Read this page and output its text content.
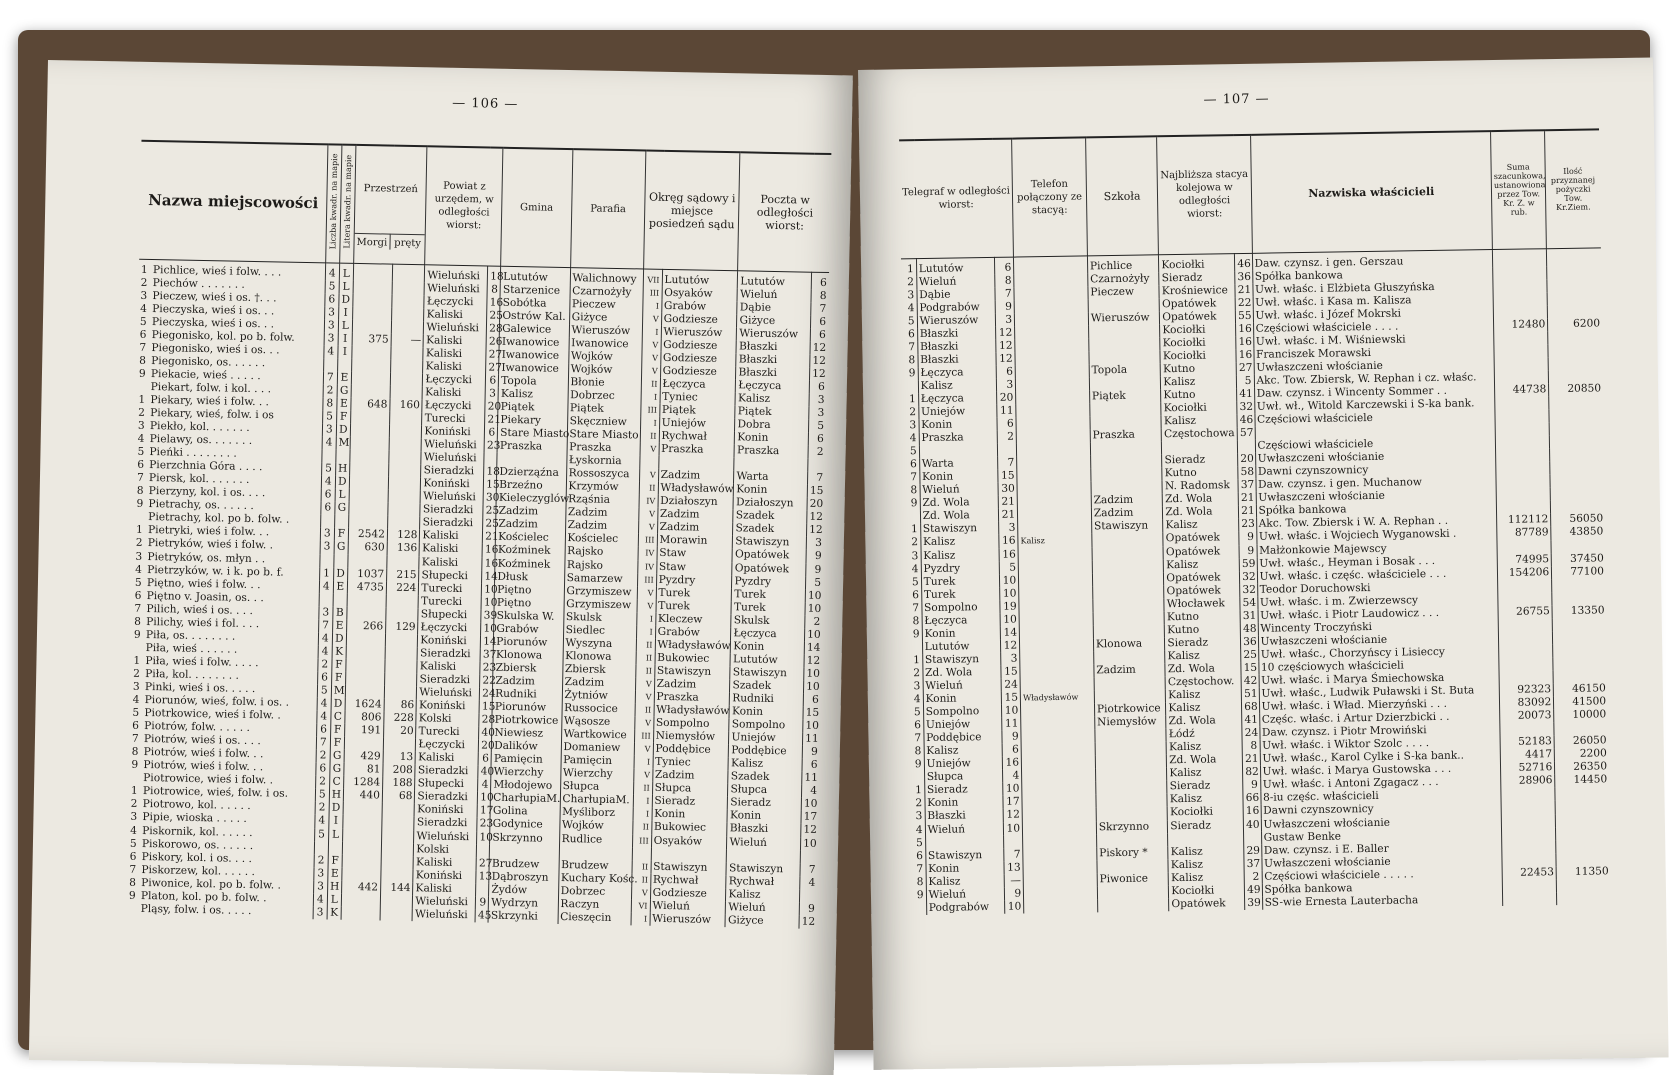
— 106 —
Nazwa miejscowości	Liczba kwadr. na mapie	Litera kwadr. na mapie	Przestrzeń
Morgi pręty		Powiat z urzędem, w odległości wiorst:		Gmina	Parafia	Okręg sądowy i miejsce posiedzeń sądu		Poczta w odległości wiorst:	
1 Pichlice, wieś i folw. . . .	4	L			Wieluński	18	Lututów	Walichnowy	VII	Lututów	Lututów	6
2 Piechów . . . . . . .	5	L			Wieluński	8	Starzenice	Czarnożyły	III	Osyaków	Wieluń	8
3 Pieczew, wieś i os. †. . .	6	D			Łęczycki	16	Sobótka	Pieczew	I	Grabów	Dąbie	7
4 Pieczyska, wieś i os. . .	3	I			Kaliski	25	Ostrów Kal.	Giżyce	V	Godziesze	Giżyce	6
5 Pieczyska, wieś i os. . .	3	L			Wieluński	28	Galewice	Wieruszów	I	Wieruszów	Wieruszów	6
6 Piegonisko, kol. po b. folw.	3	I	375	—	Kaliski	26	Iwanowice	Iwanowice	V	Godziesze	Błaszki	12
7 Piegonisko, wieś i os. . .	4	I			Kaliski	27	Iwanowice	Wojków	V	Godziesze	Błaszki	12
8 Piegonisko, os. . . . . .					Kaliski	27	Iwanowice	Wojków	V	Godziesze	Błaszki	12
9 Piekacie, wieś . . . . .	7	E			Łęczycki	6	Topola	Błonie	II	Łęczyca	Łęczyca	6
Piekart, folw. i kol. . . .	2	G			Kaliski	3	Kalisz	Dobrzec	I	Tyniec	Kalisz	3
1 Piekary, wieś i folw. . .	8	E	648	160	Łęczycki	20	Piątek	Piątek	III	Piątek	Piątek	3
2 Piekary, wieś, folw. i os	5	F			Turecki	21	Piekary	Skęczniew	I	Uniejów	Dobra	5
3 Piekło, kol. . . . . . .	3	D			Koniński	6	Stare Miasto	Stare Miasto	II	Rychwał	Konin	6
4 Pielawy, os. . . . . . .	4	M			Wieluński	23	Praszka	Praszka	V	Praszka	Praszka	2
5 Pieńki . . . . . . . .					Wieluński			Łyskornia				
6 Pierzchnia Góra . . . .	5	H			Sieradzki	18	Dzierząźna	Rossoszyca	V	Zadzim	Warta	7
7 Piersk, kol. . . . . . .	4	D			Koniński	15	Brzeźno	Krzymów	II	Władysławów	Konin	15
8 Pierzyny, kol. i os. . . .	6	L			Wieluński	30	Kieleczyglów	Rząśnia	IV	Działoszyn	Działoszyn	20
9 Pietrachy, os. . . . . .	6	G			Sieradzki	25	Zadzim	Zadzim	V	Zadzim	Szadek	12
Pietrachy, kol. po b. folw. .					Sieradzki	25	Zadzim	Zadzim	V	Zadzim	Szadek	12
1 Pietryki, wieś i folw. . .	3	F	2542	128	Kaliski	21	Kościelec	Kościelec	III	Morawin	Stawiszyn	3
2 Pietryków, wieś i folw. .	3	G	630	136	Kaliski	16	Koźminek	Rajsko	IV	Staw	Opatówek	9
3 Pietryków, os. młyn . .					Kaliski	16	Koźminek	Rajsko	IV	Staw	Opatówek	9
4 Pietrzyków, w. i k. po b. f.	1	D	1037	215	Słupecki	14	Dłusk	Samarzew	III	Pyzdry	Pyzdry	5
5 Piętno, wieś i folw. . .	4	E	4735	224	Turecki	10	Piętno	Grzymiszew	V	Turek	Turek	10
6 Piętno v. Joasin, os. . .					Turecki	10	Piętno	Grzymiszew	V	Turek	Turek	10
7 Pilich, wieś i os. . . .	3	B			Słupecki	39	Skulska W.	Skulsk	I	Kleczew	Skulsk	2
8 Pilichy, wieś i fol. . . .	7	E	266	129	Łęczycki	10	Grabów	Siedlec	I	Grabów	Łęczyca	10
9 Piła, os. . . . . . . .	4	D			Koniński	14	Piorunów	Wyszyna	II	Władysławów	Konin	14
Piła, wieś . . . . . .	4	K			Sieradzki	37	Klonowa	Klonowa	II	Bukowiec	Lututów	12
1 Piła, wieś i folw. . . . .	2	F			Kaliski	23	Zbiersk	Zbiersk	II	Stawiszyn	Stawiszyn	10
2 Piła, kol. . . . . . . .	6	F			Sieradzki	22	Zadzim	Zadzim	V	Zadzim	Szadek	10
3 Pinki, wieś i os. . . . .	5	M			Wieluński	24	Rudniki	Żytniów	V	Praszka	Rudniki	6
4 Piorunów, wieś, folw. i os. .	4	D	1624	86	Koniński	15	Piorunów	Russocice	II	Władysławów	Konin	15
5 Piotrkowice, wieś i folw. .	4	C	806	228	Kolski	28	Piotrkowice	Wąsosze	V	Sompolno	Sompolno	10
6 Piotrów, folw. . . . . .	6	F	191	20	Turecki	40	Niewiesz	Wartkowice	III	Niemysłów	Uniejów	11
7 Piotrów, wieś i os. . . .	7	F			Łęczycki	20	Dalików	Domaniew	V	Poddębice	Poddębice	9
8 Piotrów, wieś i folw. . .	2	G	429	13	Kaliski	6	Pamięcin	Pamięcin	I	Tyniec	Kalisz	6
9 Piotrów, wieś i folw. . .	6	G	81	208	Sieradzki	40	Wierzchy	Wierzchy	V	Zadzim	Szadek	11
Piotrowice, wieś i folw. .	2	C	1284	188	Słupecki	4	Młodojewo	Słupca	II	Słupca	Słupca	4
1 Piotrowice, wieś, folw. i os.	5	H	440	68	Sieradzki	10	CharłupiaM.	CharłupiaM.	I	Sieradz	Sieradz	10
2 Piotrowo, kol. . . . . .	2	D			Koniński	17	Golina	Myśliborz	I	Konin	Konin	17
3 Pipie, wioska . . . . .	4	I			Sieradzki	23	Godynice	Wojków	II	Bukowiec	Błaszki	12
4 Piskornik, kol. . . . . .	5	L			Wieluński	10	Skrzynno	Rudlice	III	Osyaków	Wieluń	10
5 Piskorowo, os. . . . . .					Kolski							
6 Piskory, kol. i os. . . .	2	F			Kaliski	27	Brudzew	Brudzew	II	Stawiszyn	Stawiszyn	7
7 Piskorzew, kol. . . . . .	3	E			Koniński	13	Dąbroszyn	Kuchary Kośc.	II	Rychwał	Rychwał	4
8 Piwonice, kol. po b. folw. .	3	H	442	144	Kaliski		Żydów	Dobrzec	V	Godziesze	Kalisz	
9 Platon, kol. po b. folw. .	4	L			Wieluński	9	Wydrzyn	Raczyn	VI	Wieluń	Wieluń	9
Pląsy, folw. i os. . . . .	3	K			Wieluński	45	Skrzynki	Cieszęcin	I	Wieruszów	Giżyce	12
— 107 —
Telegraf w odległości wiorst:			Telefon połączony ze stacyą:	Szkoła	Najbliższa stacya kolejowa w odległości wiorst:		Nazwiska właścicieli	Suma szacunkowa, ustanowiona przez Tow. Kr. Z. w rub.	Ilość przyznanej pożyczki Tow. Kr.Ziem.
1	Lututów	6		Pichlice	Kociołki	46	Daw. czynsz. i gen. Gerszau		
2	Wieluń	8		Czarnożyły	Sieradz	36	Spółka bankowa		
3	Dąbie	7		Pieczew	Krośniewice	21	Uwł. właśc. i Elżbieta Głuszyńska		
4	Podgrabów	9			Opatówek	22	Uwł. właśc. i Kasa m. Kalisza		
5	Wieruszów	3		Wieruszów	Opatówek	55	Uwł. właśc. i Józef Mokrski		
6	Błaszki	12			Kociołki	16	Częściowi właściciele . . . .	12480	6200
7	Błaszki	12			Kociołki	16	Uwł. właśc. i M. Wiśniewski		
8	Błaszki	12			Kociołki	16	Franciszek Morawski		
9	Łęczyca	6		Topola	Kutno	27	Uwłaszczeni włościanie		
	Kalisz	3			Kalisz	5	Akc. Tow. Zbiersk, W. Rephan i cz. właśc.		
1	Łęczyca	20		Piątek	Kutno	41	Daw. czynsz. i Wincenty Sommer . .	44738	20850
2	Uniejów	11			Kociołki	32	Uwł. wł., Witold Karczewski i S-ka bank.		
3	Konin	6			Kalisz	46	Częściowi właściciele		
4	Praszka	2		Praszka	Częstochowa	57			
5							Częściowi właściciele		
6	Warta	7			Sieradz	20	Uwłaszczeni włościanie		
7	Konin	15			Kutno	58	Dawni czynszownicy		
8	Wieluń	30			N. Radomsk	37	Daw. czynsz. i gen. Muchanow		
9	Zd. Wola	21		Zadzim	Zd. Wola	21	Uwłaszczeni włościanie		
	Zd. Wola	21		Zadzim	Zd. Wola	21	Spółka bankowa		
1	Stawiszyn	3		Stawiszyn	Kalisz	23	Akc. Tow. Zbiersk i W. A. Rephan . .	112112	56050
2	Kalisz	16	Kalisz		Opatówek	9	Uwł. właśc. i Wojciech Wyganowski .	87789	43850
3	Kalisz	16			Opatówek	9	Małżonkowie Majewscy		
4	Pyzdry	5			Kalisz	59	Uwł. właśc., Heyman i Bosak . . .	74995	37450
5	Turek	10			Opatówek	32	Uwł. właśc. i częśc. właściciele . . .	154206	77100
6	Turek	10			Opatówek	32	Teodor Doruchowski		
7	Sompolno	19			Włocławek	54	Uwł. właśc. i m. Zwierzewscy		
8	Łęczyca	10			Kutno	31	Uwł. właśc. i Piotr Laudowicz . . .	26755	13350
9	Konin	14			Kutno	48	Wincenty Troczyński		
	Lututów	12		Klonowa	Sieradz	36	Uwłaszczeni włościanie		
1	Stawiszyn	3			Kalisz	25	Uwł. właśc., Chorzyńscy i Lisieccy		
2	Zd. Wola	15		Zadzim	Zd. Wola	15	10 częściowych właścicieli		
3	Wieluń	24			Częstochow.	42	Uwł. właśc. i Marya Śmiechowska		
4	Konin	15	Władysławów		Kalisz	51	Uwł. właśc., Ludwik Puławski i St. Buta	92323	46150
5	Sompolno	10		Piotrkowice	Kalisz	68	Uwł. właśc. i Wład. Mierzyński . . .	83092	41500
6	Uniejów	11		Niemysłów	Zd. Wola	41	Częśc. właśc. i Artur Dzierzbicki . .	20073	10000
7	Poddębice	9			Łódź	24	Daw. czynsz. i Piotr Mrowiński		
8	Kalisz	6			Kalisz	8	Uwł. właśc. i Wiktor Szolc . . . .	52183	26050
9	Uniejów	16			Zd. Wola	21	Uwł. właśc., Karol Cylke i S-ka bank..	4417	2200
	Słupca	4			Kalisz	82	Uwł. właśc. i Marya Gustowska . . .	52716	26350
1	Sieradz	10			Sieradz	9	Uwł. właśc. i Antoni Zgagacz . . .	28906	14450
2	Konin	17			Kalisz	66	8-iu częśc. właścicieli		
3	Błaszki	12			Kociołki	16	Dawni czynszownicy		
4	Wieluń	10		Skrzynno	Sieradz	40	Uwłaszczeni włościanie		
5							Gustaw Benke		
6	Stawiszyn	7		Piskory *	Kalisz	29	Daw. czynsz. i E. Baller		
7	Konin	13			Kalisz	37	Uwłaszczeni włościanie		
8	Kalisz	—		Piwonice	Kalisz	2	Częściowi właściciele . . . . .	22453	11350
9	Wieluń	9			Kociołki	49	Spółka bankowa		
	Podgrabów	10			Opatówek	39	SS-wie Ernesta Lauterbacha		
